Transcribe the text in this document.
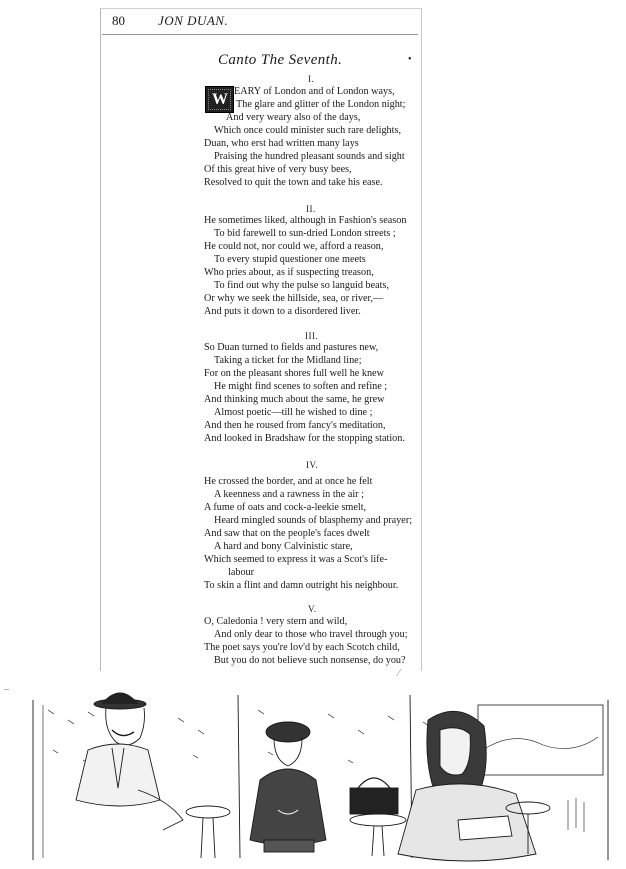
80	JON DUAN.
Canto The Seventh.	•
I.
W EARY of London and of London ways,
The glare and glitter of the London night;
And very weary also of the days,
Which once could minister such rare delights,
Duan, who erst had written many lays
Praising the hundred pleasant sounds and sight
Of this great hive of very busy bees,
Resolved to quit the town and take his ease.
II.
He sometimes liked, although in Fashion's season
To bid farewell to sun-dried London streets ;
He could not, nor could we, afford a reason,
To every stupid questioner one meets
Who pries about, as if suspecting treason,
To find out why the pulse so languid beats,
Or why we seek the hillside, sea, or river,—
And puts it down to a disordered liver.
III.
So Duan turned to fields and pastures new,
Taking a ticket for the Midland line;
For on the pleasant shores full well he knew
He might find scenes to soften and refine ;
And thinking much about the same, he grew
Almost poetic—till he wished to dine ;
And then he roused from fancy's meditation,
And looked in Bradshaw for the stopping station.
IV.
He crossed the border, and at once he felt
A keenness and a rawness in the air ;
A fume of oats and cock-a-leekie smelt,
Heard mingled sounds of blasphemy and prayer;
And saw that on the people's faces dwelt
A hard and bony Calvinistic stare,
Which seemed to express it was a Scot's life-
labour
To skin a flint and damn outright his neighbour.
V.
O, Caledonia ! very stern and wild,
And only dear to those who travel through you;
The poet says you're lov'd by each Scotch child,
But you do not believe such nonsense, do you?
⁄
–
